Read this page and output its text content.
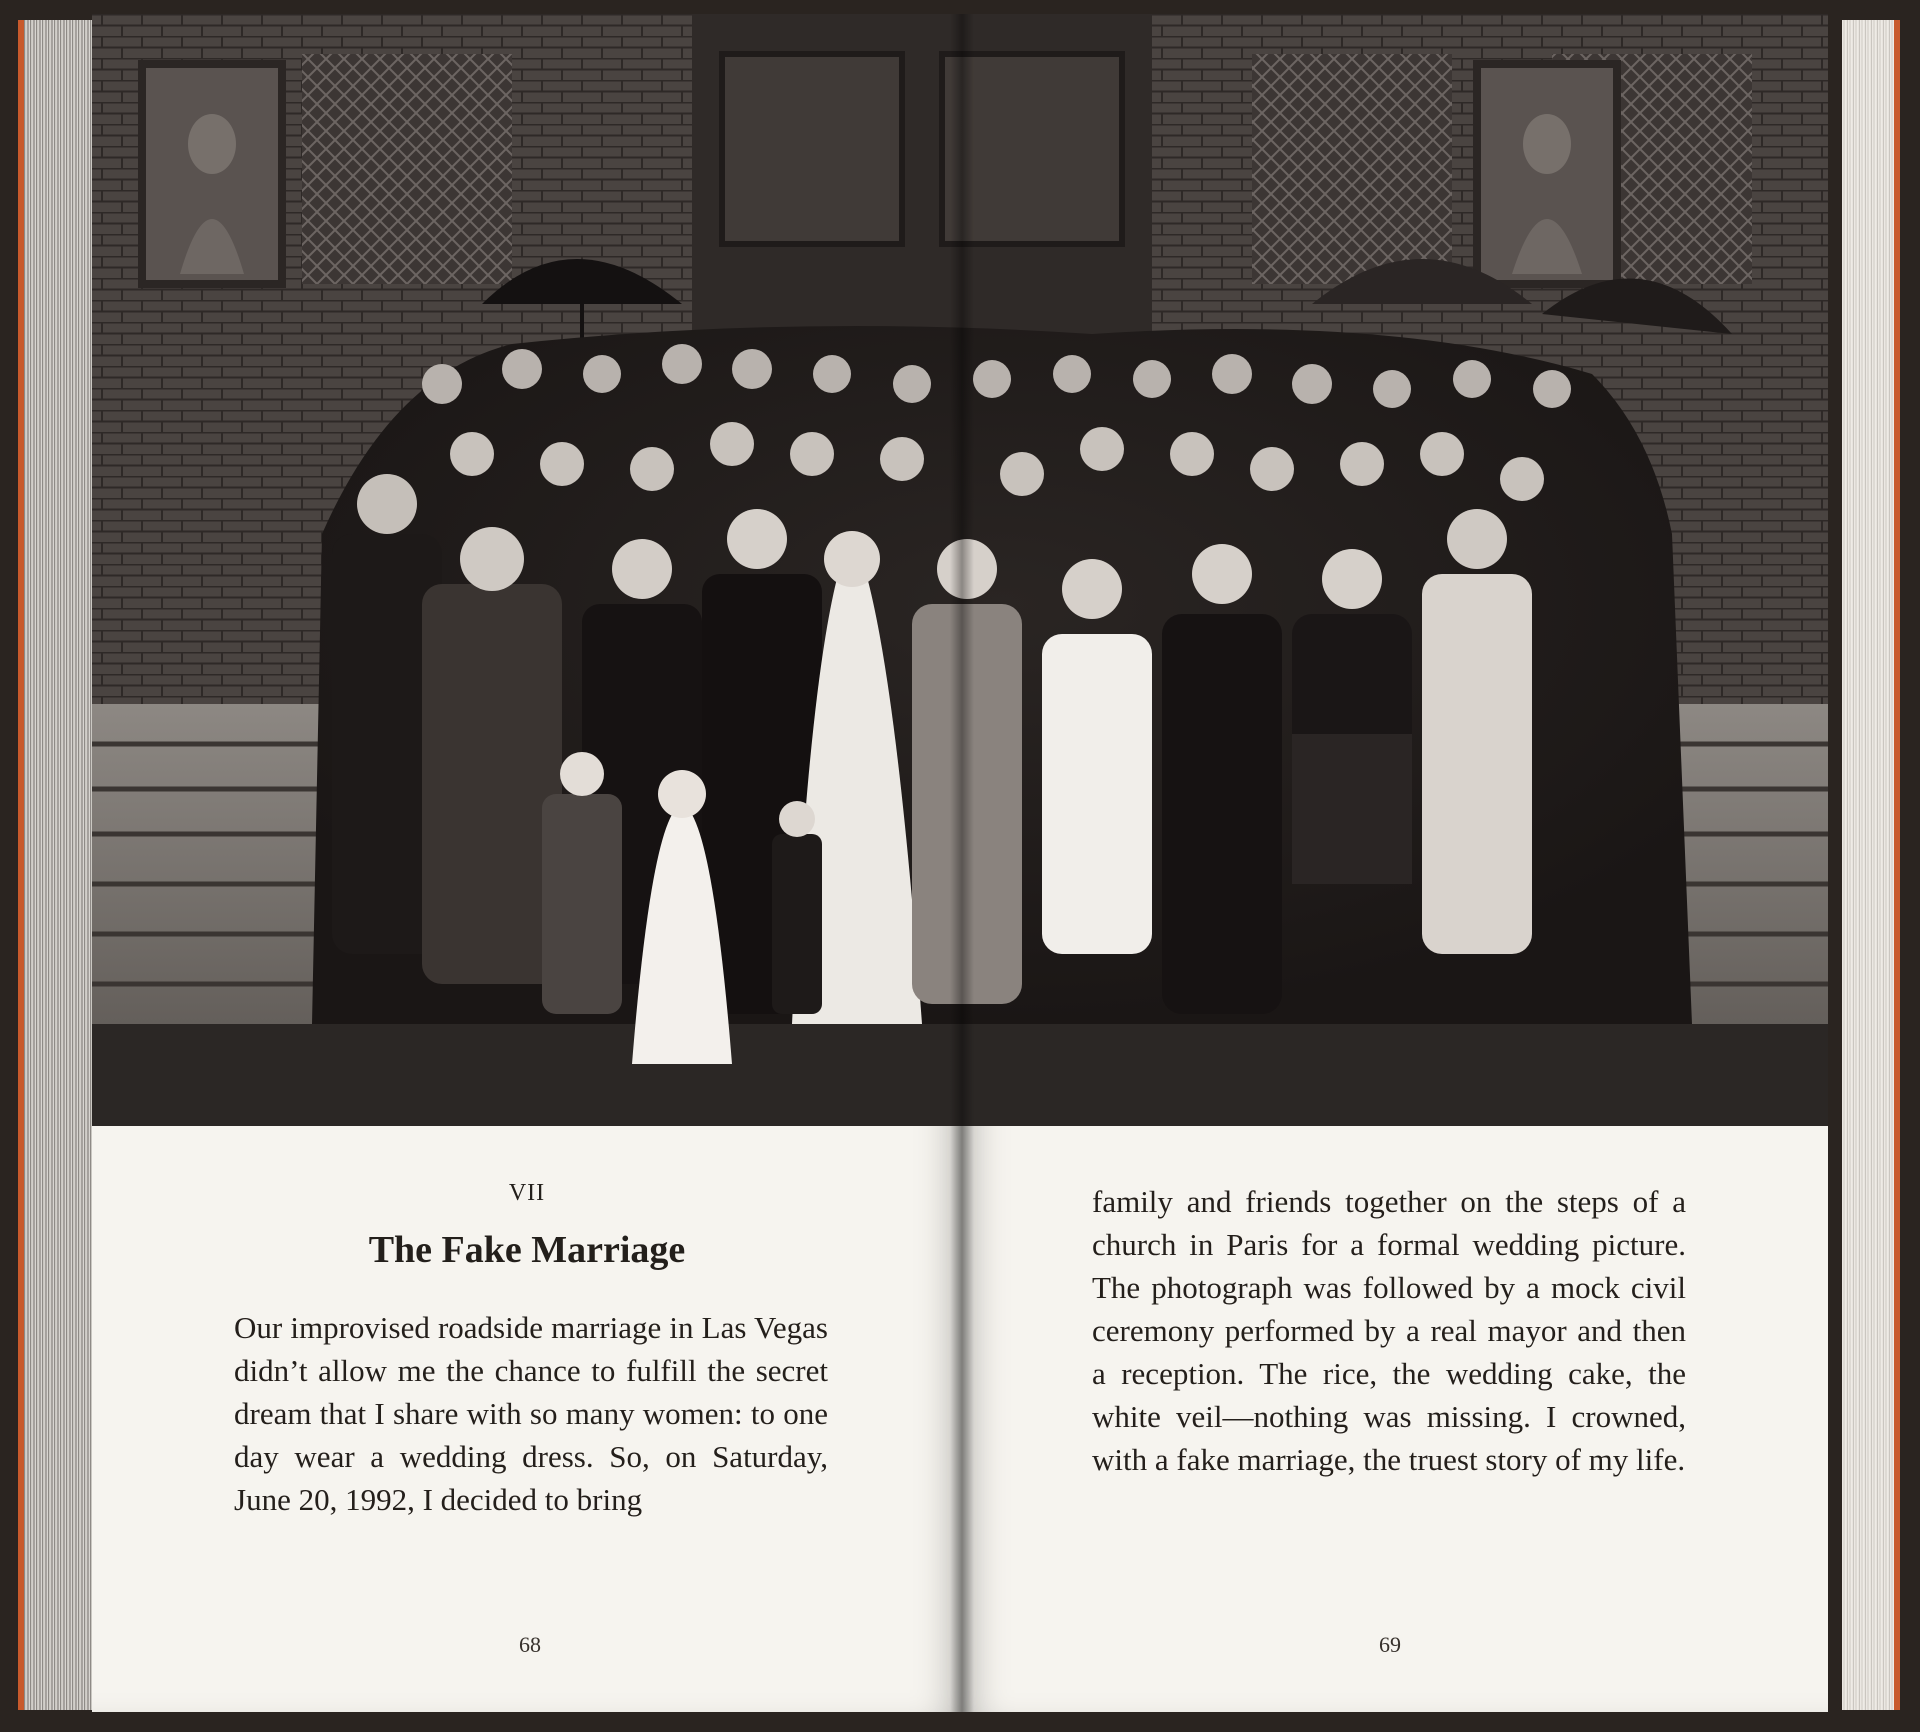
VII
The Fake Marriage

Our improvised roadside marriage in Las Vegas didn’t allow me the chance to fulfill the secret dream that I share with so many women: to one day wear a wedding dress. So, on Saturday, June 20, 1992, I decided to bring

family and friends together on the steps of a church in Paris for a formal wedding picture. The photograph was followed by a mock civil ceremony performed by a real mayor and then a reception. The rice, the wedding cake, the white veil—nothing was missing. I crowned, with a fake marriage, the truest story of my life.

68	69
